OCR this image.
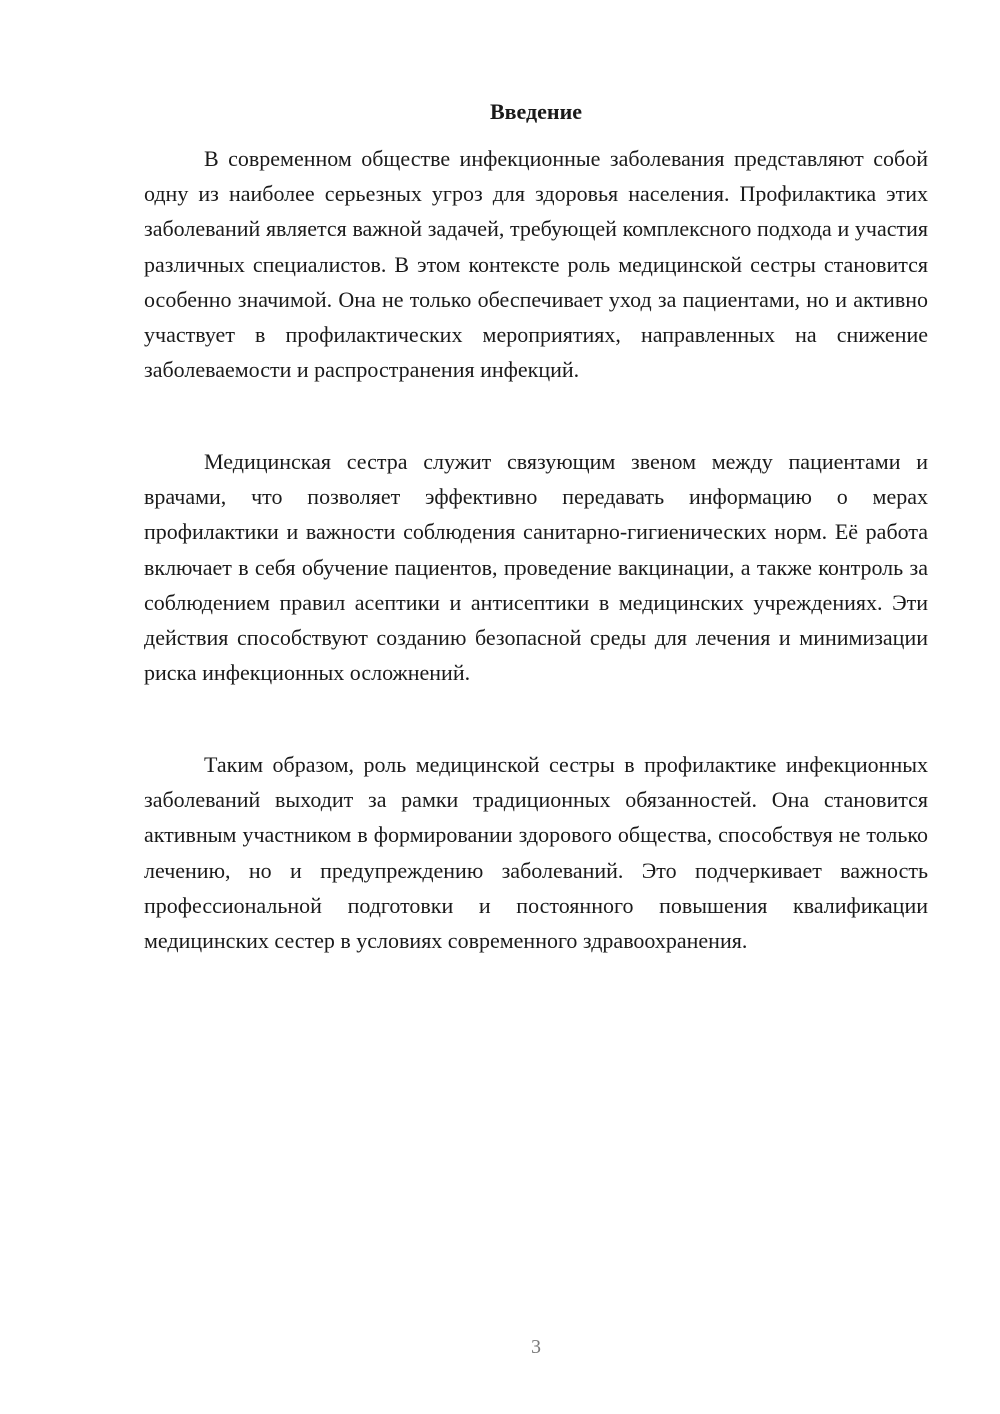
Введение

В современном обществе инфекционные заболевания представляют собой одну из наиболее серьезных угроз для здоровья населения. Профилактика этих заболеваний является важной задачей, требующей комплексного подхода и участия различных специалистов. В этом контексте роль медицинской сестры становится особенно значимой. Она не только обеспечивает уход за пациентами, но и активно участвует в профилактических мероприятиях, направленных на снижение заболеваемости и распространения инфекций.

Медицинская сестра служит связующим звеном между пациентами и врачами, что позволяет эффективно передавать информацию о мерах профилактики и важности соблюдения санитарно-гигиенических норм. Её работа включает в себя обучение пациентов, проведение вакцинации, а также контроль за соблюдением правил асептики и антисептики в медицинских учреждениях. Эти действия способствуют созданию безопасной среды для лечения и минимизации риска инфекционных осложнений.

Таким образом, роль медицинской сестры в профилактике инфекционных заболеваний выходит за рамки традиционных обязанностей. Она становится активным участником в формировании здорового общества, способствуя не только лечению, но и предупреждению заболеваний. Это подчеркивает важность профессиональной подготовки и постоянного повышения квалификации медицинских сестер в условиях современного здравоохранения.

3
